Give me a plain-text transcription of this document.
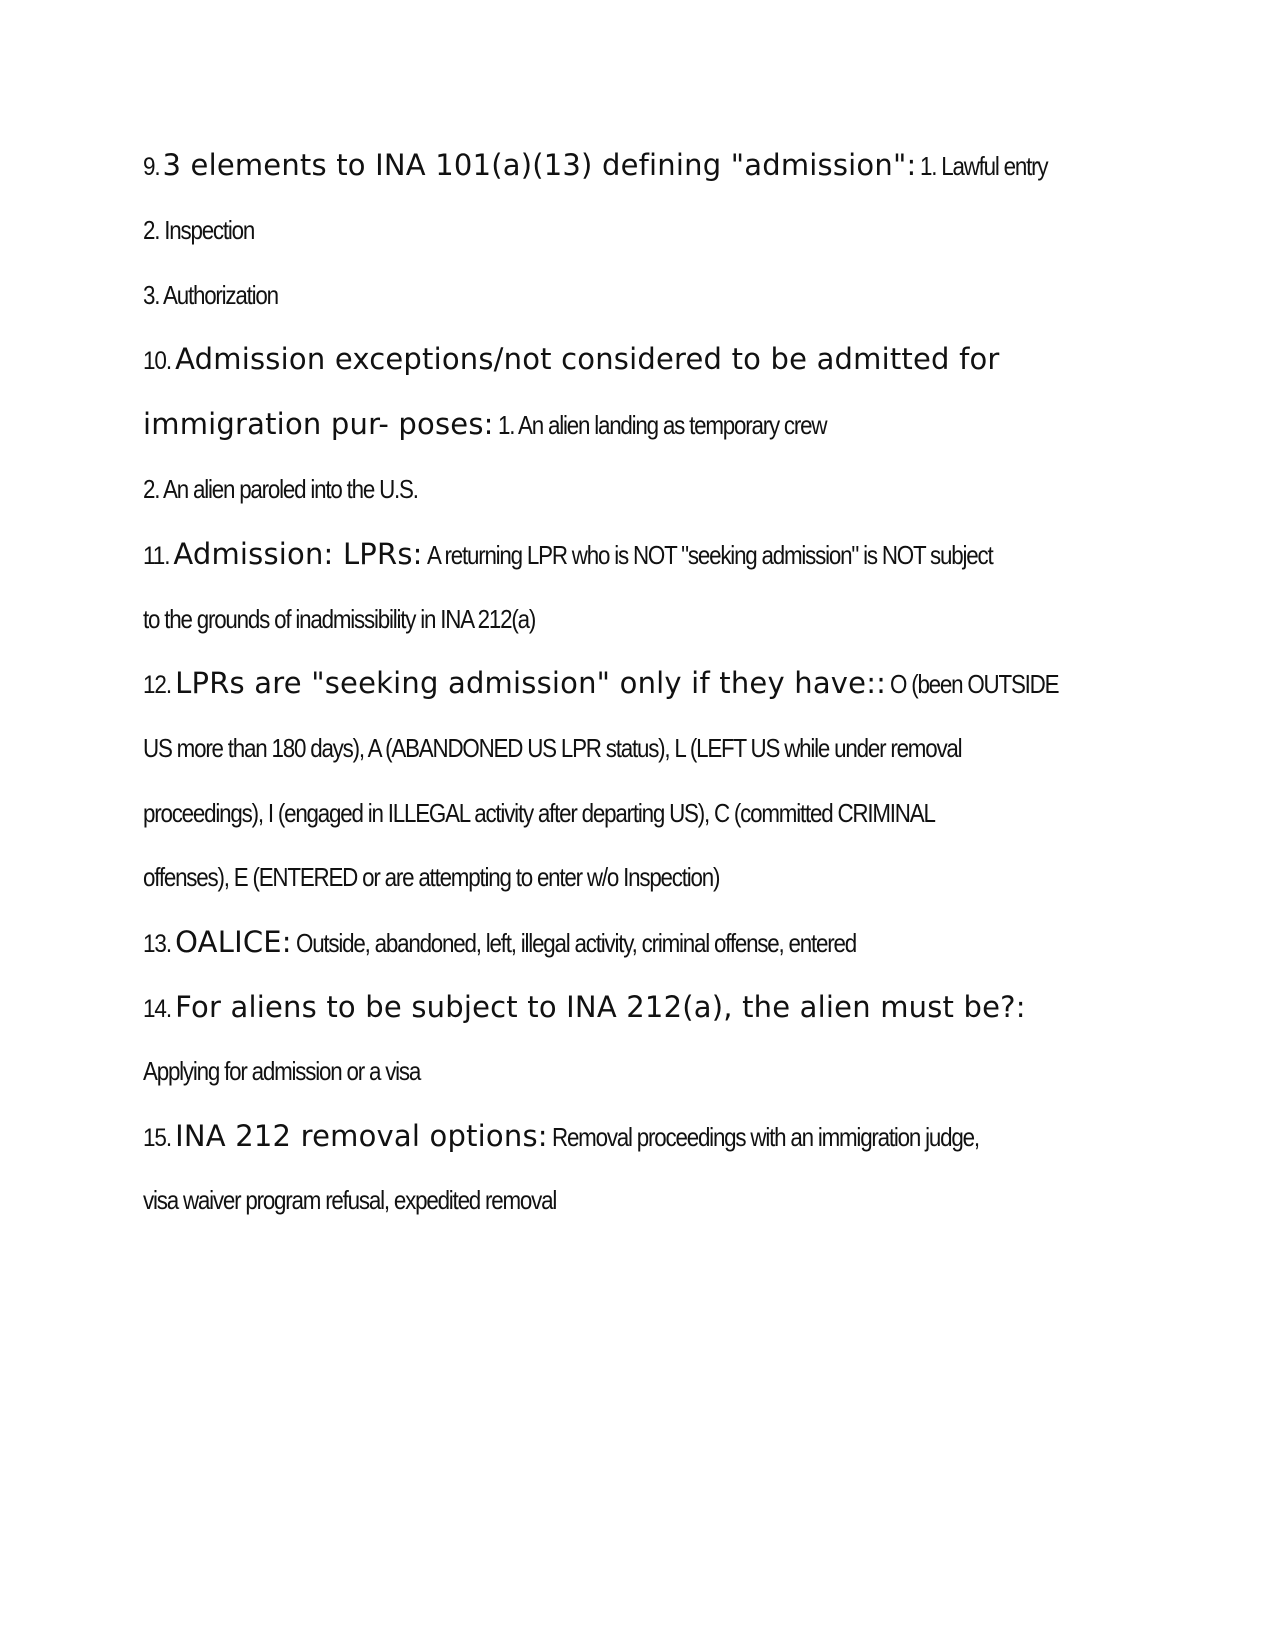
9. 3 elements to INA 101(a)(13) defining "admission": 1. Lawful entry
2. Inspection
3. Authorization
10. Admission exceptions/not considered to be admitted for
immigration pur- poses: 1. An alien landing as temporary crew
2. An alien paroled into the U.S.
11. Admission: LPRs: A returning LPR who is NOT "seeking admission" is NOT subject
to the grounds of inadmissibility in INA 212(a)
12. LPRs are "seeking admission" only if they have:: O (been OUTSIDE
US more than 180 days), A (ABANDONED US LPR status), L (LEFT US while under removal
proceedings), I (engaged in ILLEGAL activity after departing US), C (committed CRIMINAL
offenses), E (ENTERED or are attempting to enter w/o Inspection)
13. OALICE: Outside, abandoned, left, illegal activity, criminal offense, entered
14. For aliens to be subject to INA 212(a), the alien must be?:
Applying for admission or a visa
15. INA 212 removal options: Removal proceedings with an immigration judge,
visa waiver program refusal, expedited removal
